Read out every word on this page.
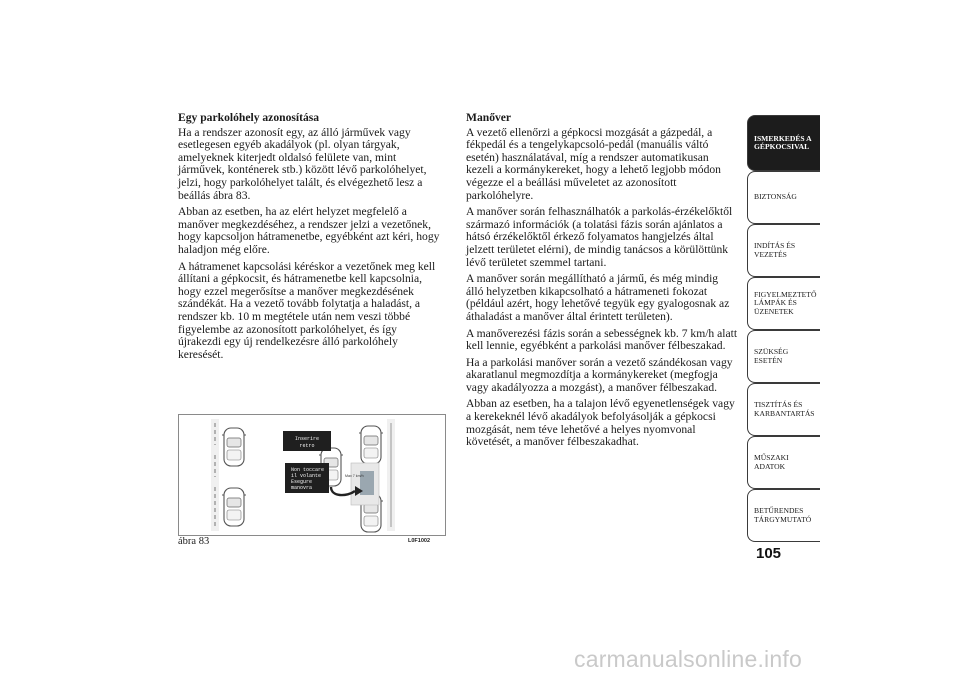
Egy parkolóhely azonosítása

Ha a rendszer azonosít egy, az álló járművek vagy esetlegesen egyéb akadályok (pl. olyan tárgyak, amelyeknek kiterjedt oldalsó felülete van, mint járművek, konténerek stb.) között lévő parkolóhelyet, jelzi, hogy parkolóhelyet talált, és elvégezhető lesz a beállás ábra 83.

Abban az esetben, ha az elért helyzet megfelelő a manőver megkezdéséhez, a rendszer jelzi a vezetőnek, hogy kapcsoljon hátramenetbe, egyébként azt kéri, hogy haladjon még előre.

A hátramenet kapcsolási kéréskor a vezetőnek meg kell állítani a gépkocsit, és hátramenetbe kell kapcsolnia, hogy ezzel megerősítse a manőver megkezdésének szándékát. Ha a vezető tovább folytatja a haladást, a rendszer kb. 10 m megtétele után nem veszi többé figyelembe az azonosított parkolóhelyet, és így újrakezdi egy új rendelkezésre álló parkolóhely keresését.

Manőver

A vezető ellenőrzi a gépkocsi mozgását a gázpedál, a fékpedál és a tengelykapcsoló-pedál (manuális váltó esetén) használatával, míg a rendszer automatikusan kezeli a kormánykereket, hogy a lehető legjobb módon végezze el a beállási műveletet az azonosított parkolóhelyre.

A manőver során felhasználhatók a parkolás-érzékelőktől származó információk (a tolatási fázis során ajánlatos a hátsó érzékelőktől érkező folyamatos hangjelzés által jelzett területet elérni), de mindig tanácsos a körülöttünk lévő területet szemmel tartani.

A manőver során megállítható a jármű, és még mindig álló helyzetben kikapcsolható a hátrameneti fokozat (például azért, hogy lehetővé tegyük egy gyalogosnak az áthaladást a manőver által érintett területen).

A manőverezési fázis során a sebességnek kb. 7 km/h alatt kell lennie, egyébként a parkolási manőver félbeszakad.

Ha a parkolási manőver során a vezető szándékosan vagy akaratlanul megmozdítja a kormánykereket (megfogja vagy akadályozza a mozgást), a manőver félbeszakad.

Abban az esetben, ha a talajon lévő egyenetlenségek vagy a kerekeknél lévő akadályok befolyásolják a gépkocsi mozgását, nem téve lehetővé a helyes nyomvonal követését, a manőver félbeszakadhat.

Max 7 km/h
Inserire
retro
Non toccare
il volante
Esegure
manovra
ábra 83	L0F1002
ISMERKEDÉS A GÉPKOCSIVAL
BIZTONSÁG
INDÍTÁS ÉS VEZETÉS
FIGYELMEZTETŐ LÁMPÁK ÉS ÜZENETEK
SZÜKSÉG ESETÉN
TISZTÍTÁS ÉS KARBANTARTÁS
MŰSZAKI ADATOK
BETŰRENDES TÁRGYMUTATÓ
105
carmanualsonline.info
